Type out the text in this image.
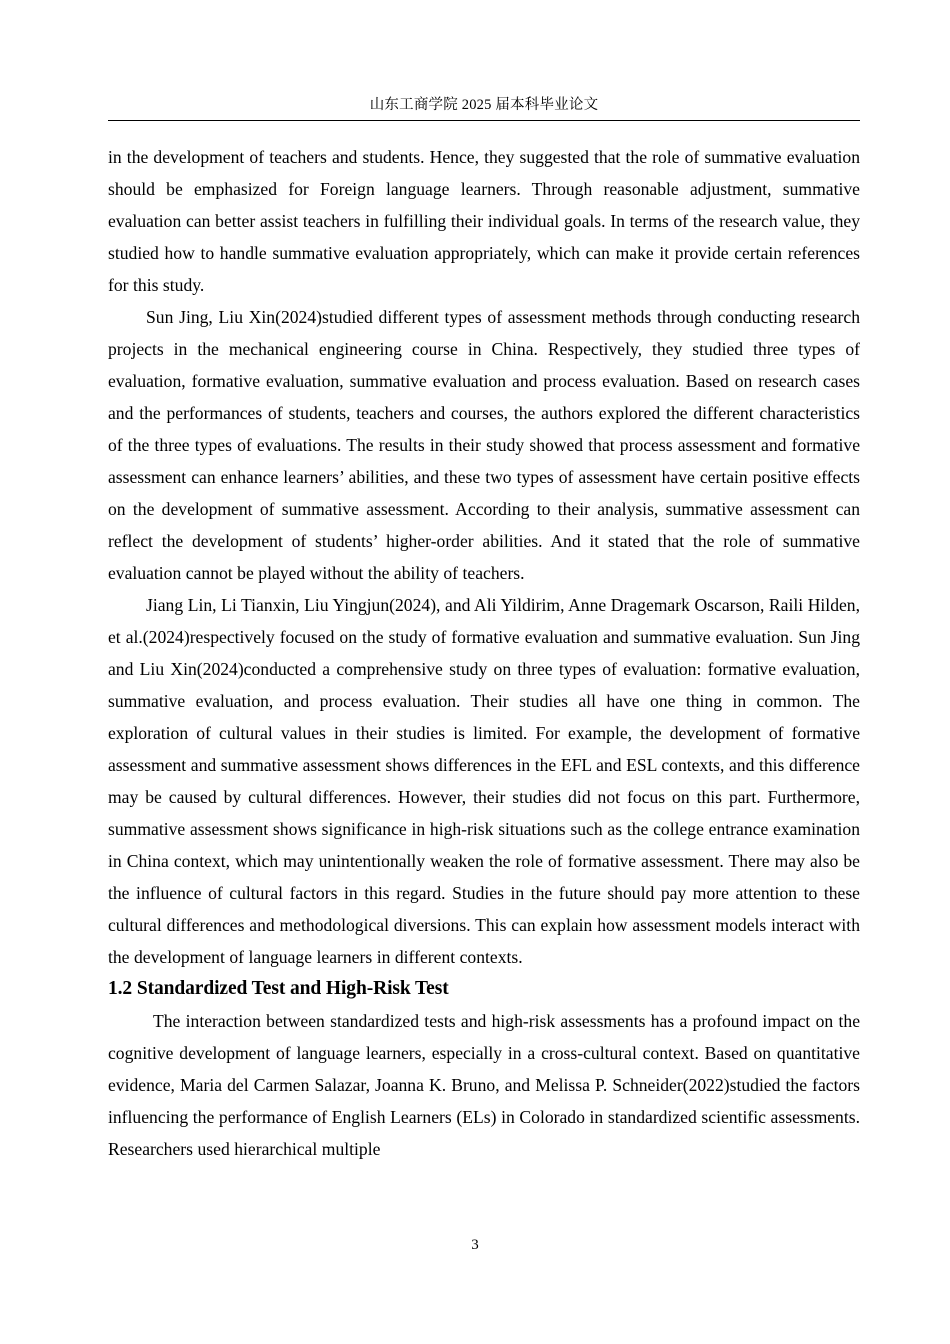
山东工商学院 2025 届本科毕业论文

in the development of teachers and students. Hence, they suggested that the role of summative evaluation should be emphasized for Foreign language learners. Through reasonable adjustment, summative evaluation can better assist teachers in fulfilling their individual goals. In terms of the research value, they studied how to handle summative evaluation appropriately, which can make it provide certain references for this study.

Sun Jing, Liu Xin(2024)studied different types of assessment methods through conducting research projects in the mechanical engineering course in China. Respectively, they studied three types of evaluation, formative evaluation, summative evaluation and process evaluation. Based on research cases and the performances of students, teachers and courses, the authors explored the different characteristics of the three types of evaluations. The results in their study showed that process assessment and formative assessment can enhance learners’ abilities, and these two types of assessment have certain positive effects on the development of summative assessment. According to their analysis, summative assessment can reflect the development of students’ higher-order abilities. And it stated that the role of summative evaluation cannot be played without the ability of teachers.

Jiang Lin, Li Tianxin, Liu Yingjun(2024), and Ali Yildirim, Anne Dragemark Oscarson, Raili Hilden, et al.(2024)respectively focused on the study of formative evaluation and summative evaluation. Sun Jing and Liu Xin(2024)conducted a comprehensive study on three types of evaluation: formative evaluation, summative evaluation, and process evaluation. Their studies all have one thing in common. The exploration of cultural values in their studies is limited. For example, the development of formative assessment and summative assessment shows differences in the EFL and ESL contexts, and this difference may be caused by cultural differences. However, their studies did not focus on this part. Furthermore, summative assessment shows significance in high-risk situations such as the college entrance examination in China context, which may unintentionally weaken the role of formative assessment. There may also be the influence of cultural factors in this regard. Studies in the future should pay more attention to these cultural differences and methodological diversions. This can explain how assessment models interact with the development of language learners in different contexts.

1.2 Standardized Test and High-Risk Test

The interaction between standardized tests and high-risk assessments has a profound impact on the cognitive development of language learners, especially in a cross-cultural context. Based on quantitative evidence, Maria del Carmen Salazar, Joanna K. Bruno, and Melissa P. Schneider(2022)studied the factors influencing the performance of English Learners (ELs) in Colorado in standardized scientific assessments. Researchers used hierarchical multiple

3
